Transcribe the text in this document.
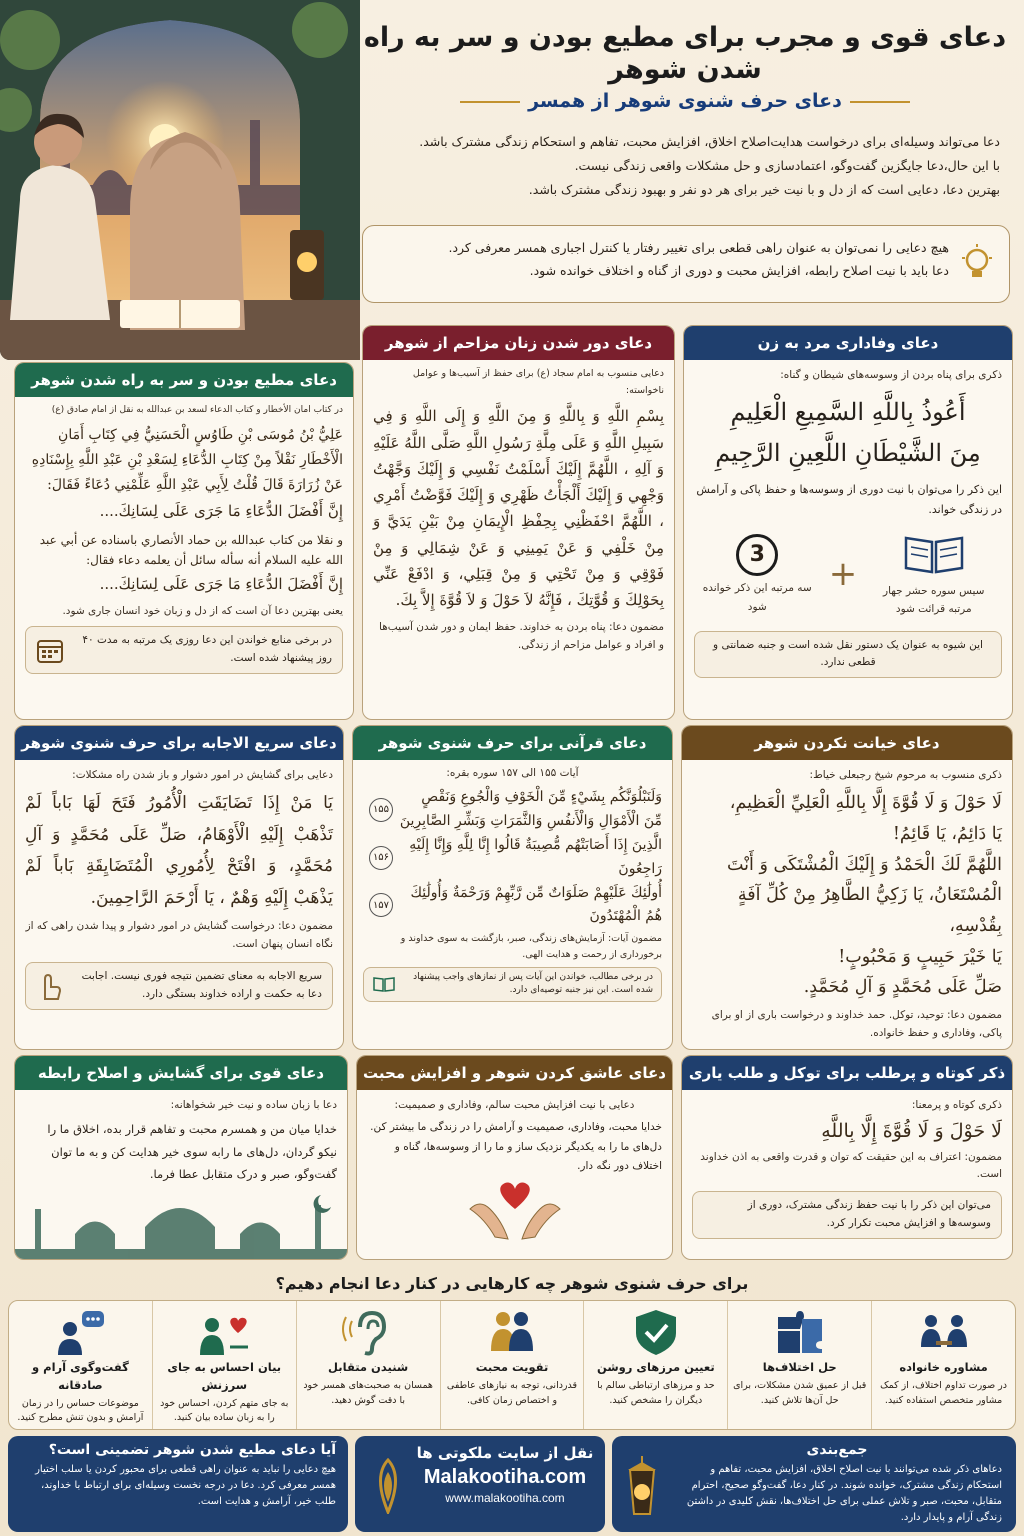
دعای قوی و مجرب برای مطیع بودن و سر به راه شدن شوهر
دعای حرف شنوی شوهر از همسر
دعا می‌تواند وسیله‌ای برای درخواست هدایت‌اصلاح اخلاق، افزایش محبت، تفاهم و استحکام زندگی مشترک باشد.
با این حال،دعا جایگزین گفت‌وگو، اعتمادسازی و حل مشکلات واقعی زندگی نیست.
بهترین دعا، دعایی است که از دل و با نیت خیر برای هر دو نفر و بهبود زندگی مشترک باشد.
هیچ دعایی را نمی‌توان به عنوان راهی قطعی برای تغییر رفتار یا کنترل اجباری همسر معرفی کرد.
دعا باید با نیت اصلاح رابطه، افزایش محبت و دوری از گناه و اختلاف خوانده شود.
دعای وفاداری مرد به زن
ذکری برای پناه بردن از وسوسه‌های شیطان و گناه:
أَعُوذُ بِاللَّهِ السَّمِيعِ الْعَلِيمِ
مِنَ الشَّيْطَانِ اللَّعِينِ الرَّجِيمِ
این ذکر را می‌توان با نیت دوری از وسوسه‌ها و حفظ پاکی و آرامش در زندگی خواند.
سیس سوره حشر جهار مرتبه قرائت شود
+
3
سه مرتبه این ذکر خوانده شود
این شیوه به عنوان یک دستور نقل شده است و جنبه ضمانتی و قطعی ندارد.
دعای دور شدن زنان مزاحم از شوهر
دعایی منسوب به امام سجاد (ع) برای حفظ از آسیب‌ها و عوامل ناخواسته:
بِسْمِ اللَّهِ وَ بِاللَّهِ وَ مِنَ اللَّهِ وَ إِلَى اللَّهِ وَ فِي سَبِيلِ اللَّهِ وَ عَلَى مِلَّةِ رَسُولِ اللَّهِ صَلَّى اللَّهُ عَلَيْهِ وَ آلِهِ ، اللَّهُمَّ إِلَيْكَ أَسْلَمْتُ نَفْسِي وَ إِلَيْكَ وَجَّهْتُ وَجْهِي وَ إِلَيْكَ أَلْجَأْتُ ظَهْرِي وَ إِلَيْكَ فَوَّضْتُ أَمْرِي ، اللَّهُمَّ احْفَظْنِي بِحِفْظِ الْإِيمَانِ مِنْ بَيْنِ يَدَيَّ وَ مِنْ خَلْفِي وَ عَنْ يَمِينِي وَ عَنْ شِمَالِي وَ مِنْ فَوْقِي وَ مِنْ تَحْتِي وَ مِنْ قِبَلِي، وَ ادْفَعْ عَنِّي بِحَوْلِكَ وَ قُوَّتِكَ ، فَإِنَّهُ لاَ حَوْلَ وَ لاَ قُوَّةَ إِلاَّ بِكَ.
مضمون دعا: پناه بردن به خداوند. حفظ ایمان و دور شدن آسیب‌ها و افراد و عوامل مزاحم از زندگی.
دعای مطیع بودن و سر به راه شدن شوهر
در کتاب امان الأخطار و کتاب الدعاء لسعد بن عبدالله به نقل از امام صادق (ع)
عَلِيُّ بْنُ مُوسَى بْنِ طَاوُسٍ الْحَسَنِيُّ فِي كِتَابِ أَمَانِ الْأَخْطَارِ نَقْلاً مِنْ كِتَابِ الدُّعَاءِ لِسَعْدِ بْنِ عَبْدِ اللَّهِ بِإِسْنَادِهِ عَنْ زُرَارَةَ قَالَ قُلْتُ لِأَبِي عَبْدِ اللَّهِ عَلِّمْنِي دُعَاءً فَقَالَ:
إِنَّ أَفْضَلَ الدُّعَاءِ مَا جَرَى عَلَى لِسَانِكَ....
و نقلا من كتاب عبدالله بن حماد الأنصاري باسناده عن أبي عبد الله عليه السلام أنه سأله سائل أن يعلمه دعاء فقال:
إِنَّ أَفْضَلَ الدُّعَاءِ مَا جَرَى عَلَى لِسَانِكَ....
یعنی بهترین دعا آن است که از دل و زبان خود انسان جاری شود.
در برخی منابع خواندن این دعا روزی یک مرتبه به مدت ۴۰ روز پیشنهاد شده است.
دعای خیانت نکردن شوهر
ذکری منسوب به مرحوم شیخ رجبعلی خیاط:
لَا حَوْلَ وَ لَا قُوَّةَ إِلَّا بِاللَّهِ الْعَلِيِّ الْعَظِيمِ،
يَا دَائِمُ، يَا قَائِمُ!
اللَّهُمَّ لَكَ الْحَمْدُ وَ إِلَيْكَ الْمُشْتَكَى وَ أَنْتَ الْمُسْتَعَانُ، يَا زَكِيُّ الطَّاهِرُ مِنْ كُلِّ آفَةٍ بِقُدْسِهِ،
يَا خَيْرَ حَبِيبٍ وَ مَحْبُوبٍ!
صَلِّ عَلَى مُحَمَّدٍ وَ آلِ مُحَمَّدٍ.
مضمون دعا: توحید، توکل. حمد خداوند و درخواست باری از او برای پاکی، وفاداری و حفظ خانواده.
دعای قرآنی برای حرف شنوی شوهر
آیات ۱۵۵ الی ۱۵۷ سوره بقره:
وَلَنَبْلُوَنَّكُم بِشَيْءٍ مِّنَ الْخَوْفِ وَالْجُوعِ وَنَقْصٍ مِّنَ الْأَمْوَالِ وَالْأَنفُسِ وَالثَّمَرَاتِ وَبَشِّرِ الصَّابِرِينَ
۱۵۵
الَّذِينَ إِذَا أَصَابَتْهُم مُّصِيبَةٌ قَالُوا إِنَّا لِلَّهِ وَإِنَّا إِلَيْهِ رَاجِعُونَ
۱۵۶
أُولَٰئِكَ عَلَيْهِمْ صَلَوَاتٌ مِّن رَّبِّهِمْ وَرَحْمَةٌ وَأُولَٰئِكَ هُمُ الْمُهْتَدُونَ
۱۵۷
مضمون آیات: آزمایش‌های زندگی، صبر، بازگشت به سوی خداوند و برخورداری از رحمت و هدایت الهی.
در برخی مطالب، خواندن این آیات پس از نمازهای واجب پیشنهاد شده است. این نیز جنبه توصیه‌ای دارد.
دعای سریع الاجابه برای حرف شنوی شوهر
دعایی برای گشایش در امور دشوار و باز شدن راه مشکلات:
يَا مَنْ إِذَا تَضَايَقَتِ الْأُمُورُ فَتَحَ لَهَا بَاباً لَمْ تَذْهَبْ إِلَيْهِ الْأَوْهَامُ، صَلِّ عَلَى مُحَمَّدٍ وَ آلِ مُحَمَّدٍ، وَ افْتَحْ لِأُمُورِي الْمُتَضَايِقَةِ بَاباً لَمْ يَذْهَبْ إِلَيْهِ وَهْمٌ ، يَا أَرْحَمَ الرَّاحِمِينَ.
مضمون دعا: درخواست گشایش در امور دشوار و پیدا شدن راهی که از نگاه انسان پنهان است.
سریع الاجابه به معنای تضمین نتیجه فوری نیست. اجابت دعا به حکمت و اراده خداوند بستگی دارد.
ذکر کوتاه و پرطلب برای توکل و طلب یاری
ذکری کوتاه و پرمعنا:
لَا حَوْلَ وَ لَا قُوَّةَ إِلَّا بِاللَّهِ
مضمون: اعتراف به این حقیقت که توان و قدرت واقعی به اذن خداوند است.
می‌توان این ذکر را با نیت حفظ زندگی مشترک، دوری از وسوسه‌ها و افزایش محبت تکرار کرد.
دعای عاشق کردن شوهر و افزایش محبت
دعایی با نیت افزایش محبت سالم، وفاداری و صمیمیت:
خدایا محبت، وفاداری، صمیمیت و آرامش را در زندگی ما بیشتر کن. دل‌های ما را به یکدیگر نزدیک ساز و ما را از وسوسه‌ها، گناه و اختلاف دور نگه دار.
دعای قوی برای گشایش و اصلاح رابطه
دعا با زبان ساده و نیت خیر شخواهانه:
خدایا میان من و همسرم محبت و تفاهم قرار بده، اخلاق ما را نیکو گردان، دل‌های ما رابه سوی خیر هدایت کن و به ما توان گفت‌وگو، صبر و درک متقابل عطا فرما.
برای حرف شنوی شوهر چه کارهایی در کنار دعا انجام دهیم؟
مشاوره خانواده
در صورت تداوم اختلاف، از کمک مشاور متخصص استفاده کنید.
حل اختلاف‌ها
قبل از عمیق شدن مشکلات، برای حل آن‌ها تلاش کنید.
تعیین مرزهای روشن
حد و مرزهای ارتباطی سالم با دیگران را مشخص کنید.
تقویت محبت
قدردانی، توجه به نیازهای عاطفی و اختصاص زمان کافی.
شنیدن متقابل
همسان به صحبت‌های همسر خود با دقت گوش دهید.
بیان احساس به جای سرزنش
به جای متهم کردن، احساس خود را به زبان ساده بیان کنید.
گفت‌وگوی آرام و صادقانه
موضوعات حساس را در زمان آرامش و بدون تنش مطرح کنید.
جمع‌بندی

دعاهای ذکر شده می‌توانند با نیت اصلاح اخلاق، افزایش محبت، تفاهم و استحکام زندگی مشترک، خوانده شوند. در کنار دعا، گفت‌وگو صحیح، احترام متقابل، محبت، صبر و تلاش عملی برای حل اختلاف‌ها، نقش کلیدی در داشتن زندگی آرام و پایدار دارد.

نقل از سایت ملکوتی ها
Malakootiha.com
www.malakootiha.com
آیا دعای مطیع شدن شوهر تضمینی است؟

هیچ دعایی را نباید به عنوان راهی قطعی برای محبور کردن یا سلب اختیار همسر معرفی کرد. دعا در درجه نخست وسیله‌ای برای ارتباط با خداوند، طلب خیر، آرامش و هدایت است.
